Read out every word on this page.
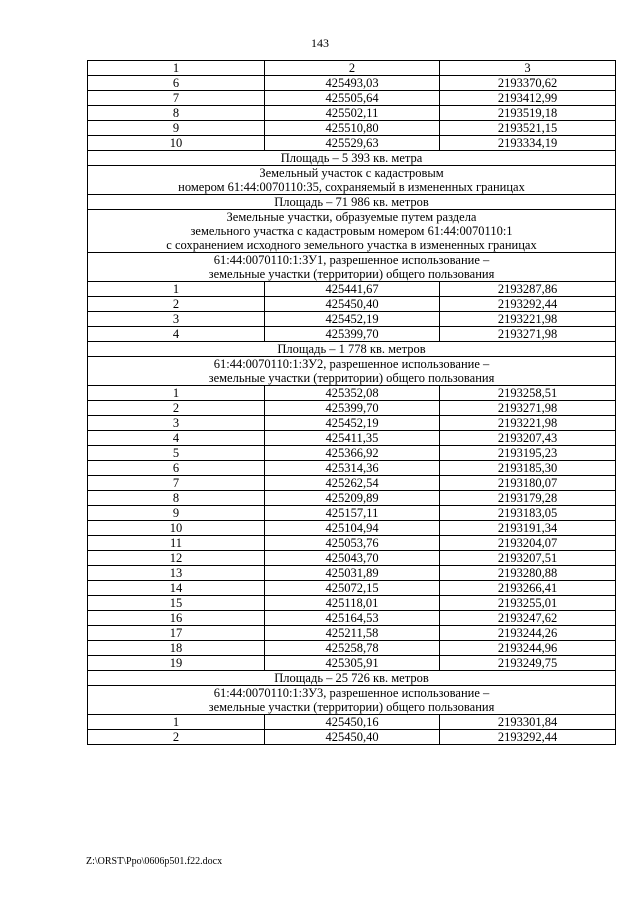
143
1	2	3
6	425493,03	2193370,62
7	425505,64	2193412,99
8	425502,11	2193519,18
9	425510,80	2193521,15
10	425529,63	2193334,19

Площадь – 5 393 кв. метра		

Земельный участок с кадастровым
номером 61:44:0070110:35, сохраняемый в измененных границах		

Площадь – 71 986 кв. метров		

Земельные участки, образуемые путем раздела
земельного участка с кадастровым номером 61:44:0070110:1
с сохранением исходного земельного участка в измененных границах		

61:44:0070110:1:ЗУ1, разрешенное использование –
земельные участки (территории) общего пользования		

1	425441,67	2193287,86
2	425450,40	2193292,44
3	425452,19	2193221,98
4	425399,70	2193271,98

Площадь – 1 778 кв. метров		

61:44:0070110:1:ЗУ2, разрешенное использование –
земельные участки (территории) общего пользования		

1	425352,08	2193258,51
2	425399,70	2193271,98
3	425452,19	2193221,98
4	425411,35	2193207,43
5	425366,92	2193195,23
6	425314,36	2193185,30
7	425262,54	2193180,07
8	425209,89	2193179,28
9	425157,11	2193183,05
10	425104,94	2193191,34
11	425053,76	2193204,07
12	425043,70	2193207,51
13	425031,89	2193280,88
14	425072,15	2193266,41
15	425118,01	2193255,01
16	425164,53	2193247,62
17	425211,58	2193244,26
18	425258,78	2193244,96
19	425305,91	2193249,75

Площадь – 25 726 кв. метров		

61:44:0070110:1:ЗУ3, разрешенное использование –
земельные участки (территории) общего пользования		

1	425450,16	2193301,84
2	425450,40	2193292,44
Z:\ORST\Ppo\0606p501.f22.docx
